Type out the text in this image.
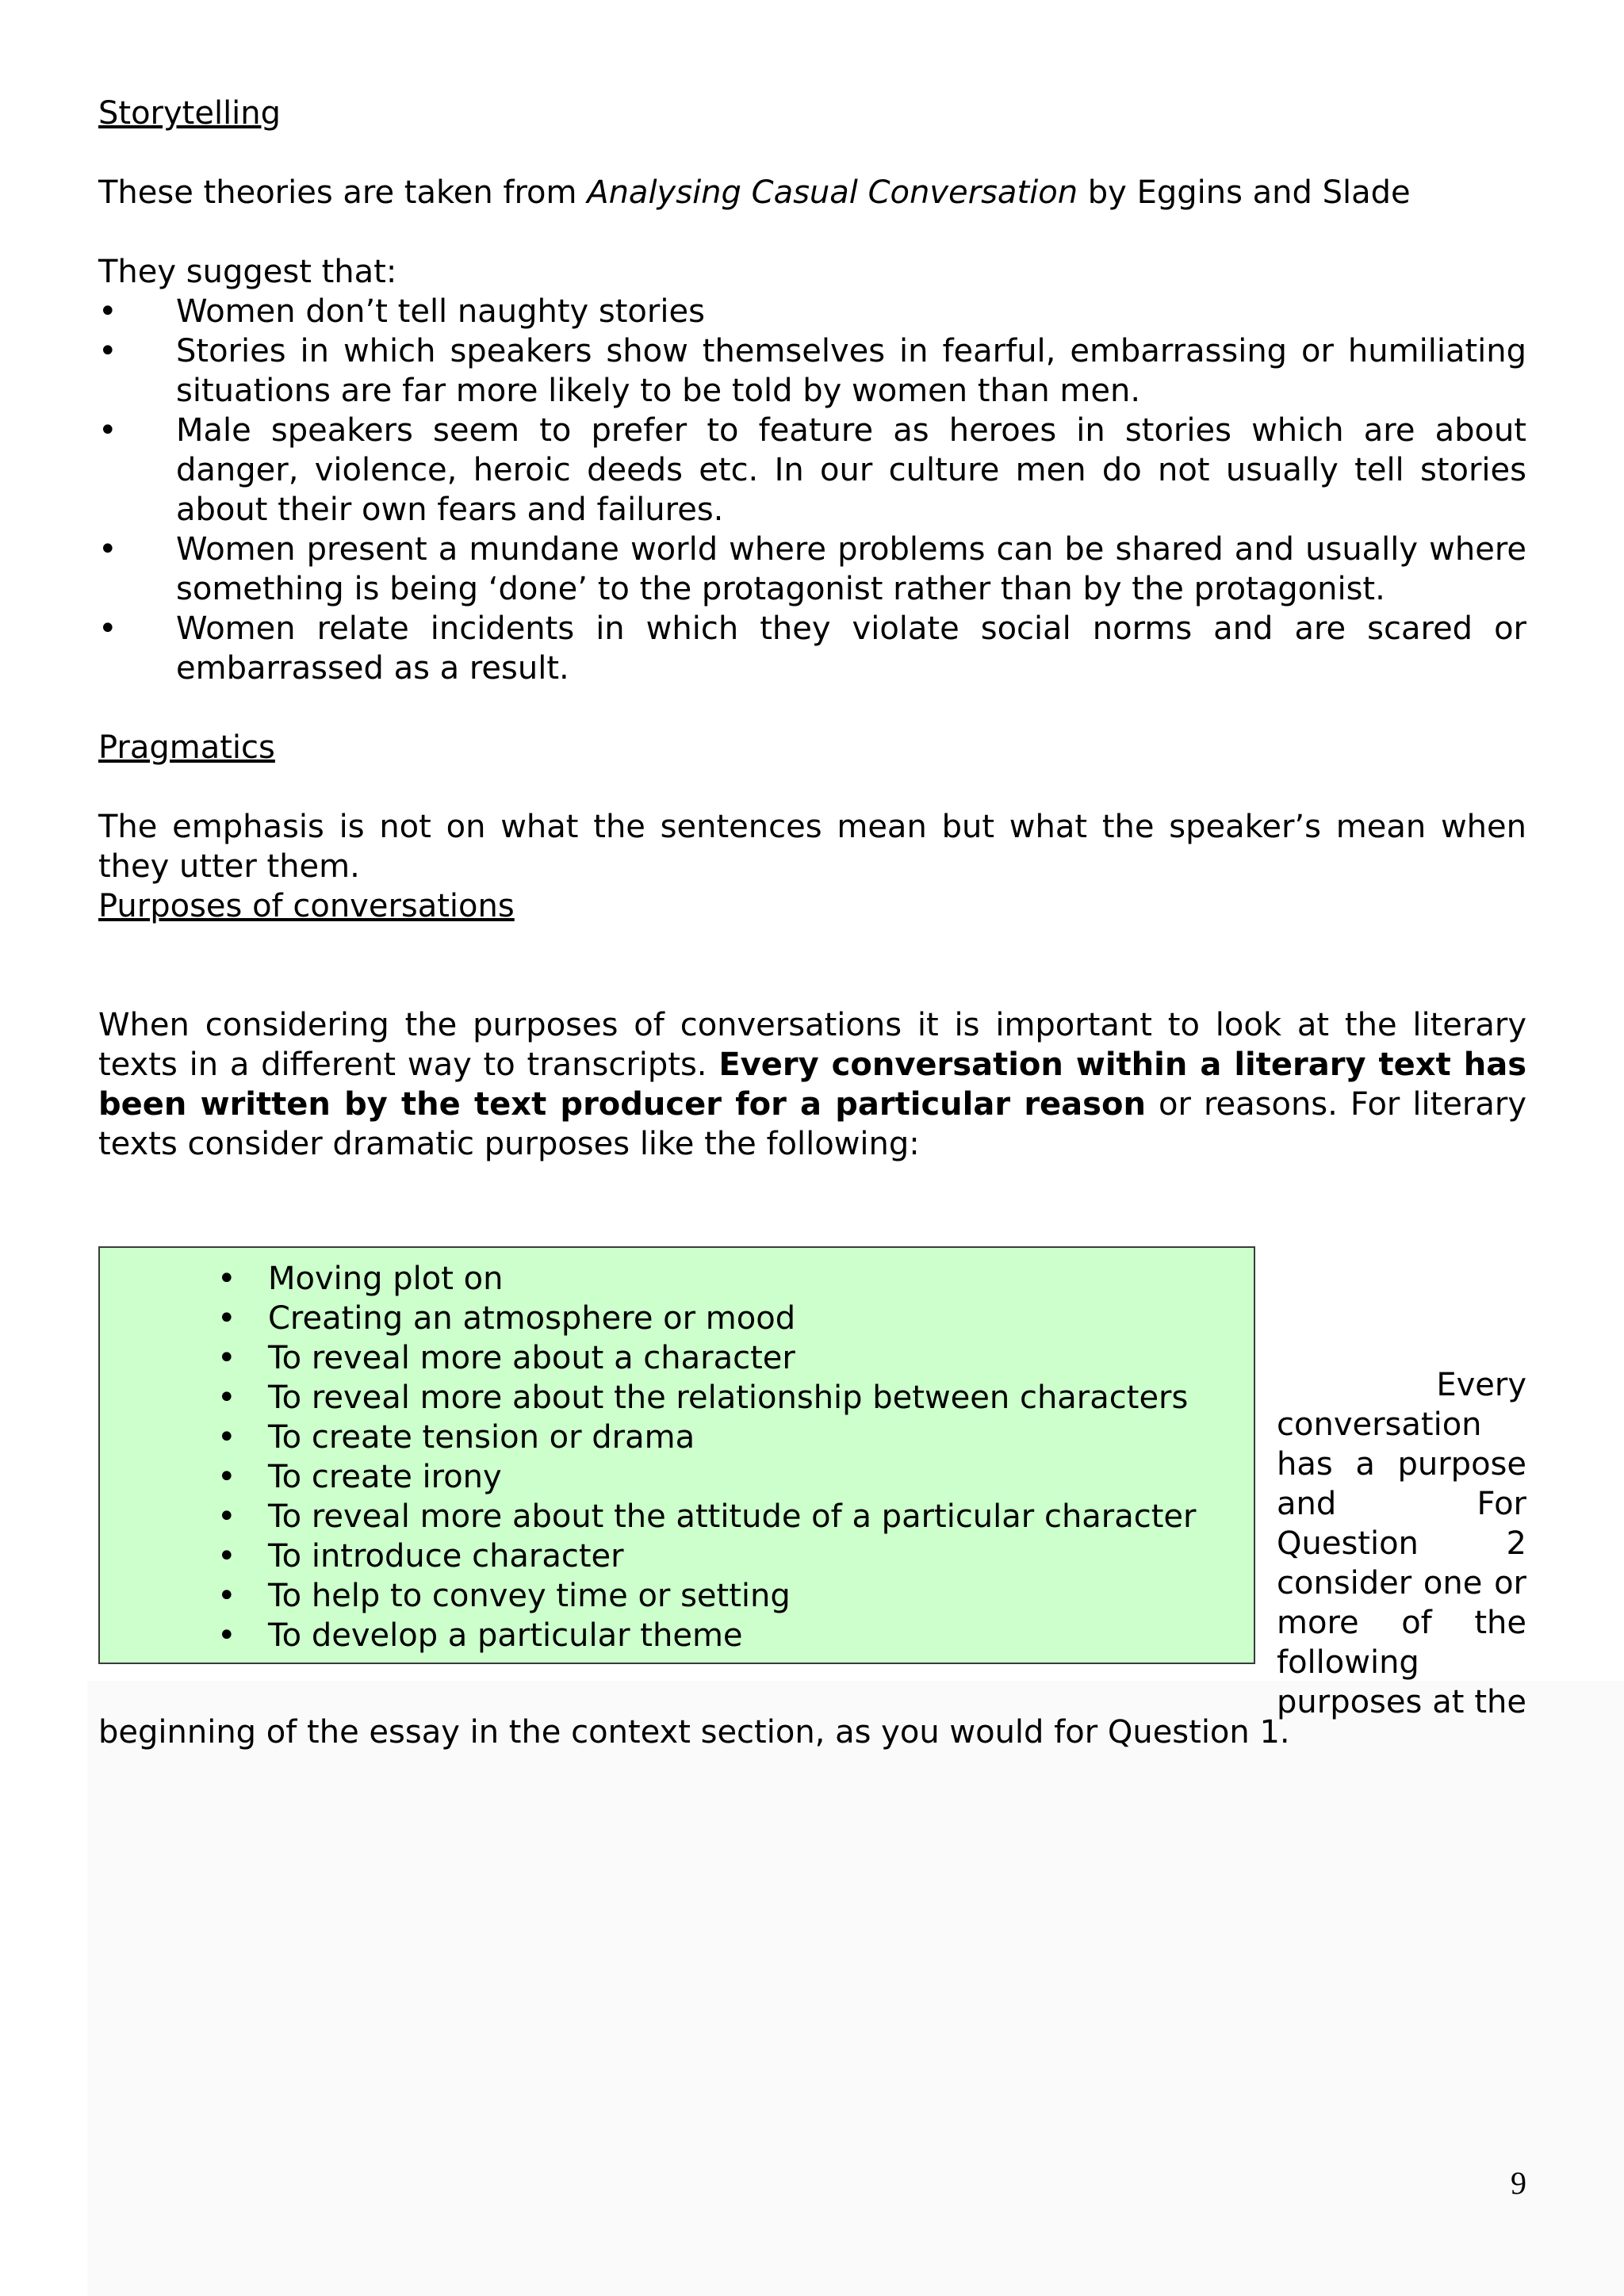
Storytelling

These theories are taken from Analysing Casual Conversation by Eggins and Slade

They suggest that:

• Women don’t tell naughty stories
• Stories in which speakers show themselves in fearful, embarrassing or humiliating situations are far more likely to be told by women than men.
• Male speakers seem to prefer to feature as heroes in stories which are about danger, violence, heroic deeds etc. In our culture men do not usually tell stories about their own fears and failures.
• Women present a mundane world where problems can be shared and usually where something is being ‘done’ to the protagonist rather than by the protagonist.
• Women relate incidents in which they violate social norms and are scared or embarrassed as a result.

Pragmatics

The emphasis is not on what the sentences mean but what the speaker’s mean when they utter them.

Purposes of conversations

When considering the purposes of conversations it is important to look at the literary texts in a different way to transcripts. Every conversation within a literary text has been written by the text producer for a particular reason or reasons. For literary texts consider dramatic purposes like the following:

• Moving plot on
• Creating an atmosphere or mood
• To reveal more about a character
• To reveal more about the relationship between characters
• To create tension or drama
• To create irony
• To reveal more about the attitude of a particular character
• To introduce character
• To help to convey time or setting
• To develop a particular theme
Every
conversation has a purpose and For Question 2 consider one or more of the following purposes at the

beginning of the essay in the context section, as you would for Question 1.

9
